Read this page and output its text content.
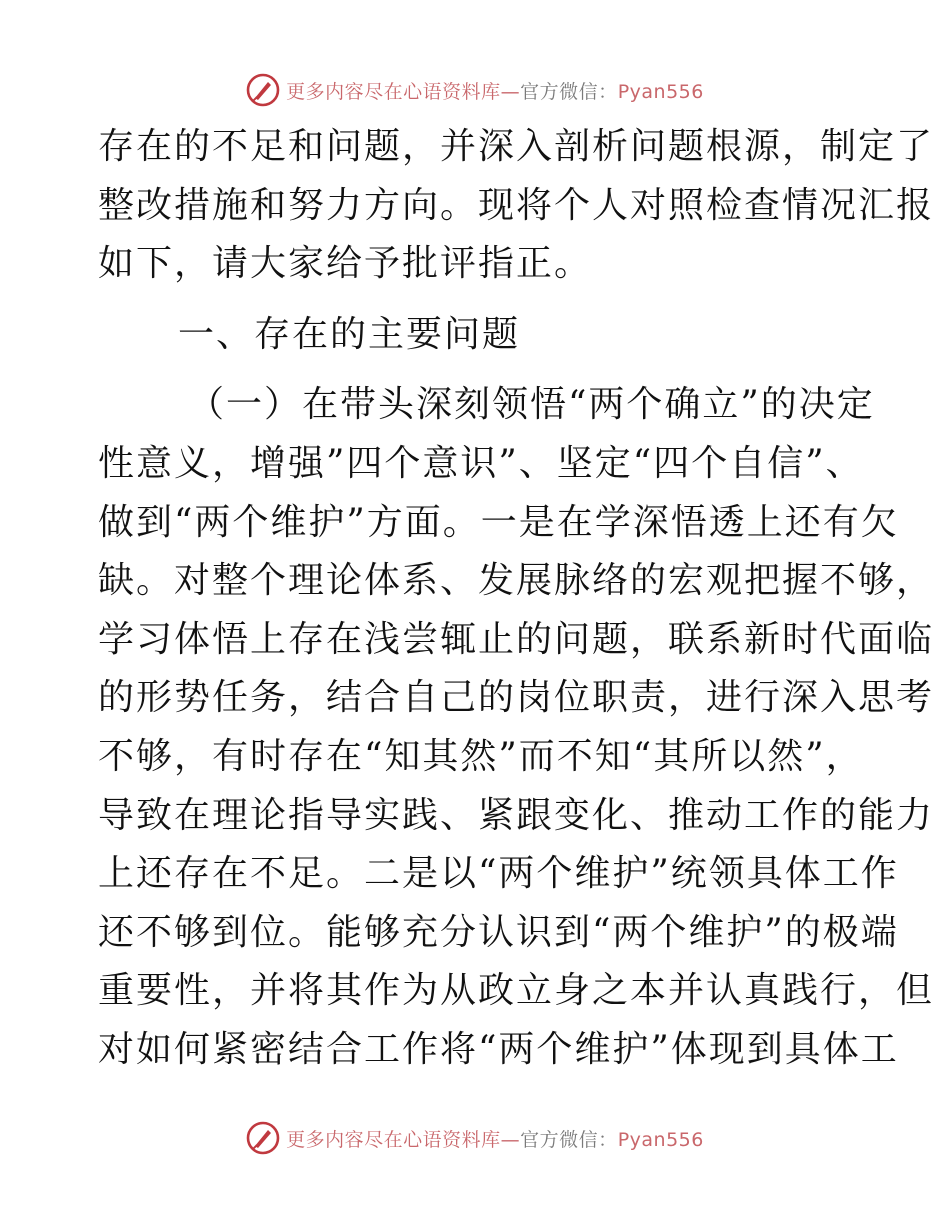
更多内容尽在心语资料库—官方微信：Pyan556
存在的不足和问题，并深入剖析问题根源，制定了
整改措施和努力方向。现将个人对照检查情况汇报
如下，请大家给予批评指正。
一、存在的主要问题
（一）在带头深刻领悟“两个确立”的决定
性意义，增强”四个意识”、坚定“四个自信”、
做到“两个维护”方面。一是在学深悟透上还有欠
缺。对整个理论体系、发展脉络的宏观把握不够，
学习体悟上存在浅尝辄止的问题，联系新时代面临
的形势任务，结合自己的岗位职责，进行深入思考
不够，有时存在“知其然”而不知“其所以然”，
导致在理论指导实践、紧跟变化、推动工作的能力
上还存在不足。二是以“两个维护”统领具体工作
还不够到位。能够充分认识到“两个维护”的极端
重要性，并将其作为从政立身之本并认真践行，但
对如何紧密结合工作将“两个维护”体现到具体工
更多内容尽在心语资料库—官方微信：Pyan556
